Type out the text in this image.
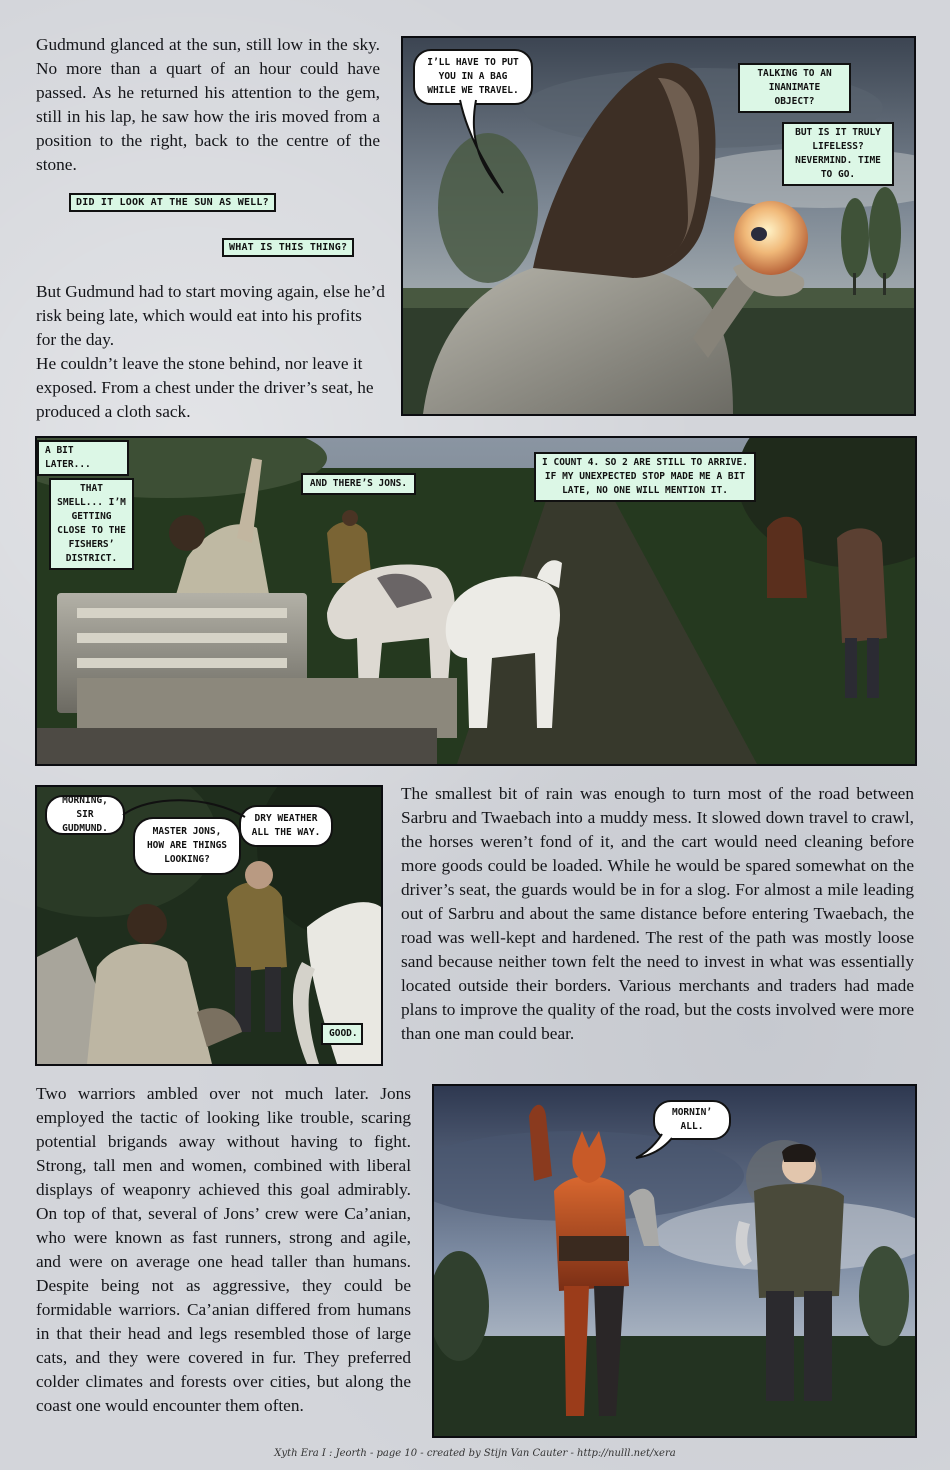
Gudmund glanced at the sun, still low in the sky. No more than a quart of an hour could have passed. As he returned his attention to the gem, still in his lap, he saw how the iris moved from a position to the right, back to the centre of the stone.

DID IT LOOK AT THE SUN AS WELL?
WHAT IS THIS THING?

But Gudmund had to start moving again, else he’d risk being late, which would eat into his profits for the day.

He couldn’t leave the stone behind, nor leave it exposed. From a chest under the driver’s seat, he produced a cloth sack.

I’LL HAVE TO PUT YOU IN A BAG WHILE WE TRAVEL.
TALKING TO AN INANIMATE OBJECT?
BUT IS IT TRULY LIFELESS? NEVERMIND. TIME TO GO.
A BIT LATER...
THAT SMELL... I’M GETTING CLOSE TO THE FISHERS’ DISTRICT.
AND THERE’S JONS.
I COUNT 4. SO 2 ARE STILL TO ARRIVE. IF MY UNEXPECTED STOP MADE ME A BIT LATE, NO ONE WILL MENTION IT.
MORNING, SIR GUDMUND.	MASTER JONS, HOW ARE THINGS LOOKING?
DRY WEATHER ALL THE WAY.
GOOD.

The smallest bit of rain was enough to turn most of the road between Sarbru and Twaebach into a muddy mess. It slowed down travel to crawl, the horses weren’t fond of it, and the cart would need cleaning before more goods could be loaded. While he would be spared somewhat on the driver’s seat, the guards would be in for a slog. For almost a mile leading out of Sarbru and about the same distance before entering Twaebach, the road was well-kept and hardened. The rest of the path was mostly loose sand because neither town felt the need to invest in what was essentially located outside their borders. Various merchants and traders had made plans to improve the quality of the road, but the costs involved were more than one man could bear.

Two warriors ambled over not much later. Jons employed the tactic of looking like trouble, scaring potential brigands away without having to fight. Strong, tall men and women, combined with liberal displays of weaponry achieved this goal admirably. On top of that, several of Jons’ crew were Ca’anian, who were known as fast runners, strong and agile, and were on average one head taller than humans. Despite being not as aggressive, they could be formidable warriors. Ca’anian differed from humans in that their head and legs resembled those of large cats, and they were covered in fur. They preferred colder climates and forests over cities, but along the coast one would encounter them often.

MORNIN’ ALL.
Xyth Era I : Jeorth - page 10 - created by Stijn Van Cauter - http://nulll.net/xera
